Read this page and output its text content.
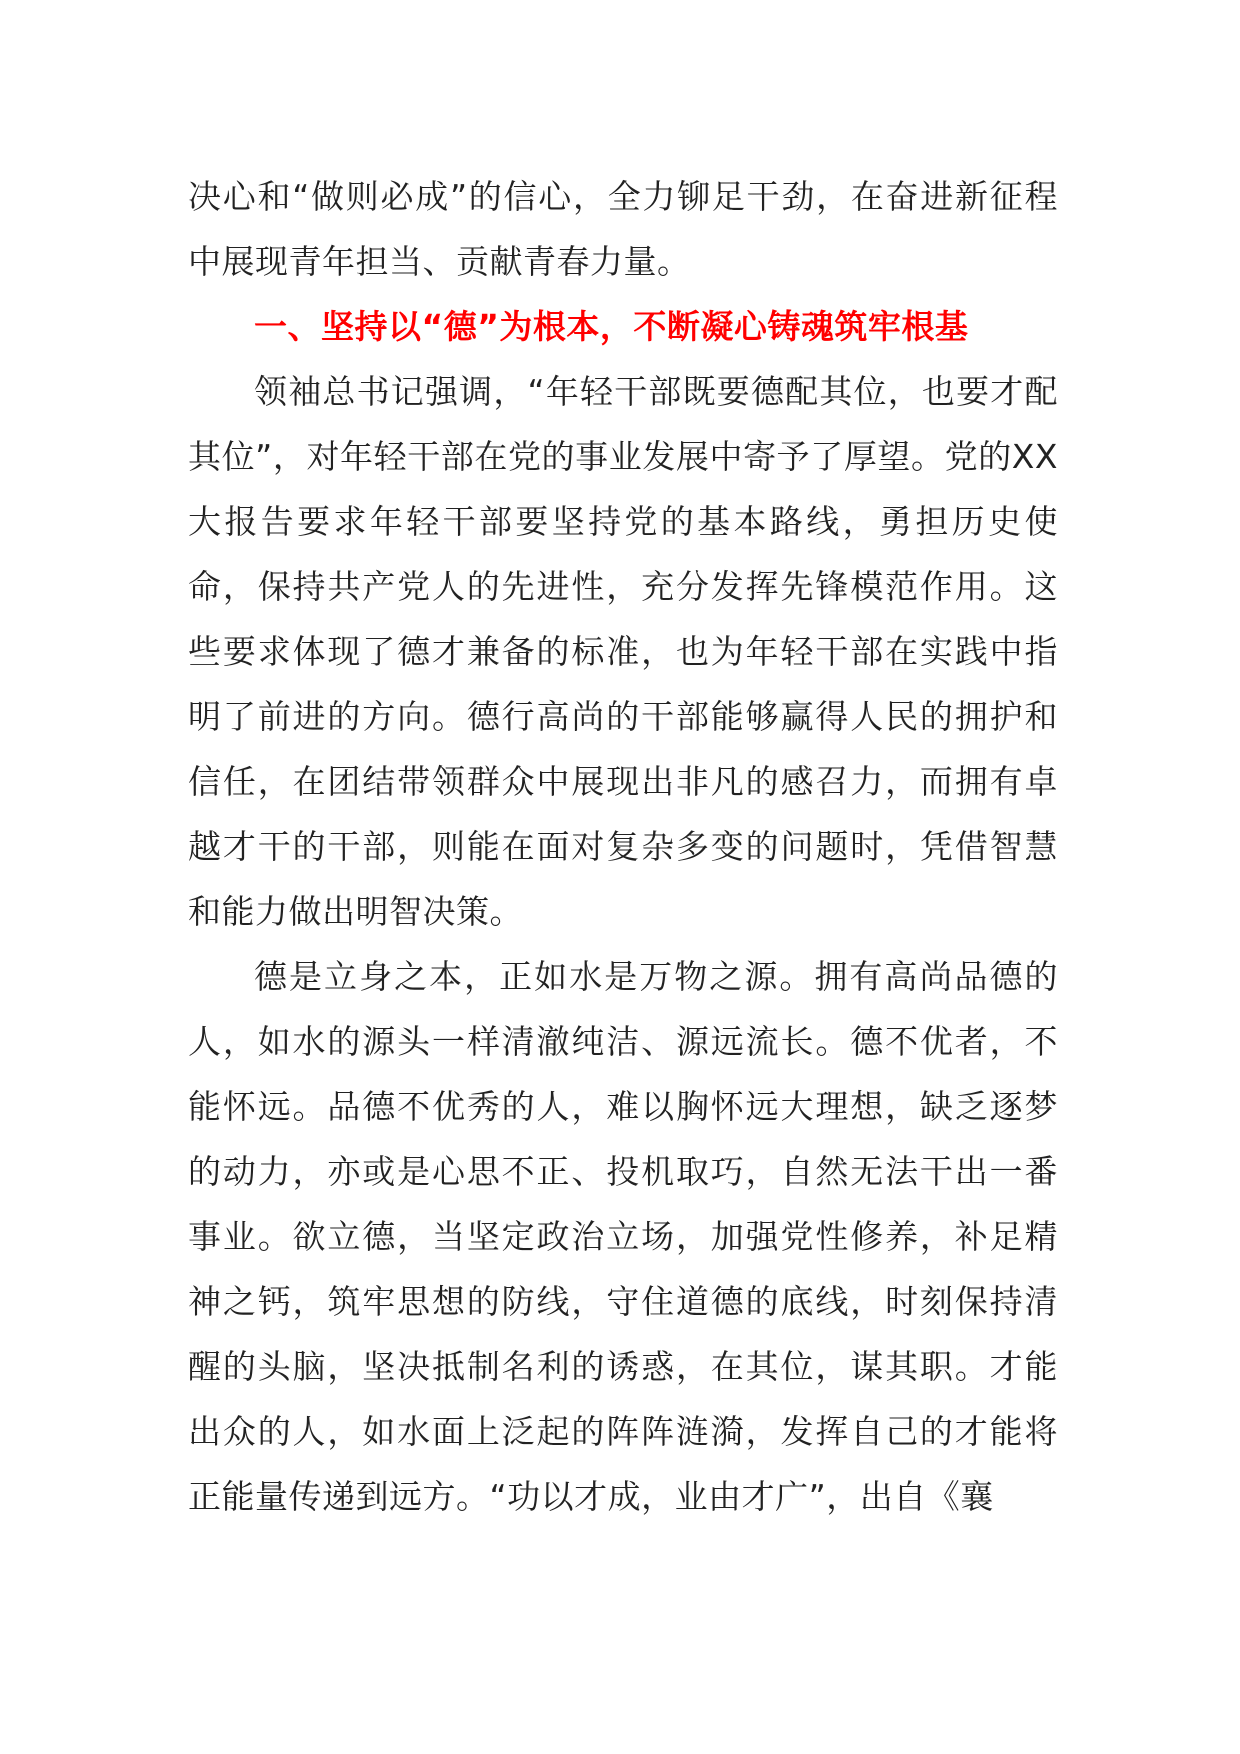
决心和“做则必成”的信心，全力铆足干劲，在奋进新征程中展现青年担当、贡献青春力量。

一、坚持以“德”为根本，不断凝心铸魂筑牢根基

领袖总书记强调，“年轻干部既要德配其位，也要才配其位”，对年轻干部在党的事业发展中寄予了厚望。党的XX大报告要求年轻干部要坚持党的基本路线，勇担历史使命，保持共产党人的先进性，充分发挥先锋模范作用。这些要求体现了德才兼备的标准，也为年轻干部在实践中指明了前进的方向。德行高尚的干部能够赢得人民的拥护和信任，在团结带领群众中展现出非凡的感召力，而拥有卓越才干的干部，则能在面对复杂多变的问题时，凭借智慧和能力做出明智决策。

德是立身之本，正如水是万物之源。拥有高尚品德的人，如水的源头一样清澈纯洁、源远流长。德不优者，不能怀远。品德不优秀的人，难以胸怀远大理想，缺乏逐梦的动力，亦或是心思不正、投机取巧，自然无法干出一番事业。欲立德，当坚定政治立场，加强党性修养，补足精神之钙，筑牢思想的防线，守住道德的底线，时刻保持清醒的头脑，坚决抵制名利的诱惑，在其位，谋其职。才能出众的人，如水面上泛起的阵阵涟漪，发挥自己的才能将正能量传递到远方。“功以才成，业由才广”，出自《襄
